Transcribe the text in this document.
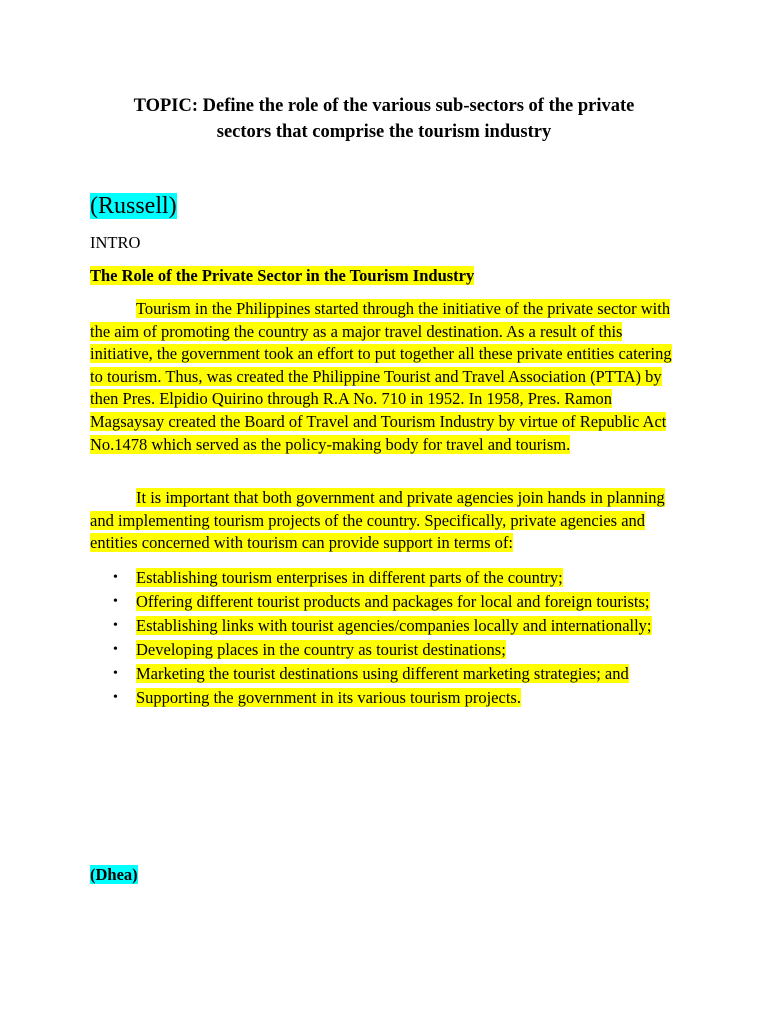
TOPIC: Define the role of the various sub-sectors of the private
sectors that comprise the tourism industry
(Russell)
INTRO
The Role of the Private Sector in the Tourism Industry

Tourism in the Philippines started through the initiative of the private sector with the aim of promoting the country as a major travel destination. As a result of this initiative, the government took an effort to put together all these private entities catering to tourism. Thus, was created the Philippine Tourist and Travel Association (PTTA) by then Pres. Elpidio Quirino through R.A No. 710 in 1952. In 1958, Pres. Ramon Magsaysay created the Board of Travel and Tourism Industry by virtue of Republic Act No.1478 which served as the policy-making body for travel and tourism.

It is important that both government and private agencies join hands in planning and implementing tourism projects of the country. Specifically, private agencies and entities concerned with tourism can provide support in terms of:

• Establishing tourism enterprises in different parts of the country;
• Offering different tourist products and packages for local and foreign tourists;
• Establishing links with tourist agencies/companies locally and internationally;
• Developing places in the country as tourist destinations;
• Marketing the tourist destinations using different marketing strategies; and
• Supporting the government in its various tourism projects.
(Dhea)
